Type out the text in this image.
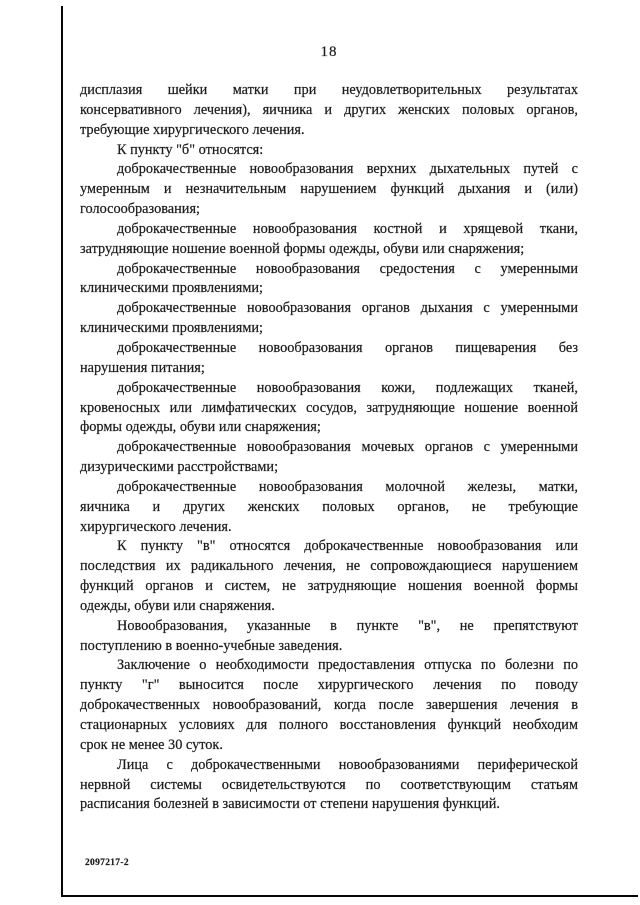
18
дисплазия шейки матки при неудовлетворительных результатах
консервативного лечения), яичника и других женских половых органов,
требующие хирургического лечения.
К пункту "б" относятся:
доброкачественные новообразования верхних дыхательных путей с
умеренным и незначительным нарушением функций дыхания и (или)
голосообразования;
доброкачественные новообразования костной и хрящевой ткани,
затрудняющие ношение военной формы одежды, обуви или снаряжения;
доброкачественные новообразования средостения с умеренными
клиническими проявлениями;
доброкачественные новообразования органов дыхания с умеренными
клиническими проявлениями;
доброкачественные новообразования органов пищеварения без
нарушения питания;
доброкачественные новообразования кожи, подлежащих тканей,
кровеносных или лимфатических сосудов, затрудняющие ношение военной
формы одежды, обуви или снаряжения;
доброкачественные новообразования мочевых органов с умеренными
дизурическими расстройствами;
доброкачественные новообразования молочной железы, матки,
яичника и других женских половых органов, не требующие
хирургического лечения.
К пункту "в" относятся доброкачественные новообразования или
последствия их радикального лечения, не сопровождающиеся нарушением
функций органов и систем, не затрудняющие ношения военной формы
одежды, обуви или снаряжения.
Новообразования, указанные в пункте "в", не препятствуют
поступлению в военно-учебные заведения.
Заключение о необходимости предоставления отпуска по болезни по
пункту "г" выносится после хирургического лечения по поводу
доброкачественных новообразований, когда после завершения лечения в
стационарных условиях для полного восстановления функций необходим
срок не менее 30 суток.
Лица с доброкачественными новообразованиями периферической
нервной системы освидетельствуются по соответствующим статьям
расписания болезней в зависимости от степени нарушения функций.
2097217-2
